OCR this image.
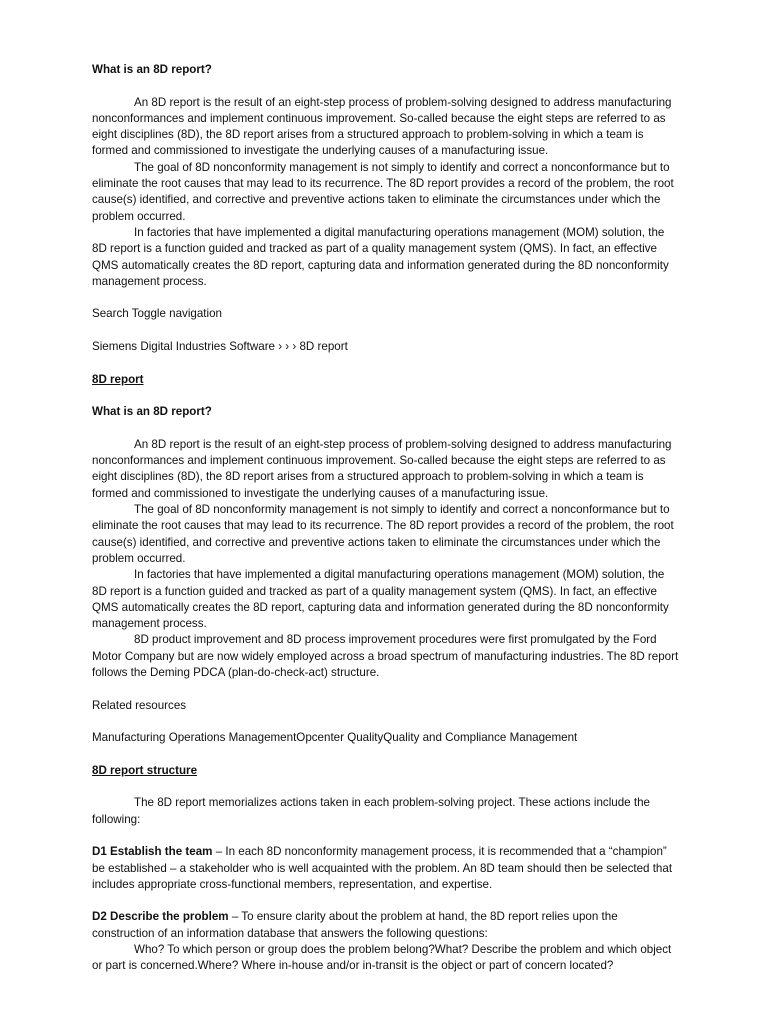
What is an 8D report?

An 8D report is the result of an eight-step process of problem-solving designed to address manufacturing nonconformances and implement continuous improvement. So-called because the eight steps are referred to as eight disciplines (8D), the 8D report arises from a structured approach to problem-solving in which a team is formed and commissioned to investigate the underlying causes of a manufacturing issue.

The goal of 8D nonconformity management is not simply to identify and correct a nonconformance but to eliminate the root causes that may lead to its recurrence. The 8D report provides a record of the problem, the root cause(s) identified, and corrective and preventive actions taken to eliminate the circumstances under which the problem occurred.

In factories that have implemented a digital manufacturing operations management (MOM) solution, the 8D report is a function guided and tracked as part of a quality management system (QMS). In fact, an effective QMS automatically creates the 8D report, capturing data and information generated during the 8D nonconformity management process.

Search Toggle navigation

Siemens Digital Industries Software › › › 8D report

8D report

What is an 8D report?

An 8D report is the result of an eight-step process of problem-solving designed to address manufacturing nonconformances and implement continuous improvement. So-called because the eight steps are referred to as eight disciplines (8D), the 8D report arises from a structured approach to problem-solving in which a team is formed and commissioned to investigate the underlying causes of a manufacturing issue.

The goal of 8D nonconformity management is not simply to identify and correct a nonconformance but to eliminate the root causes that may lead to its recurrence. The 8D report provides a record of the problem, the root cause(s) identified, and corrective and preventive actions taken to eliminate the circumstances under which the problem occurred.

In factories that have implemented a digital manufacturing operations management (MOM) solution, the 8D report is a function guided and tracked as part of a quality management system (QMS). In fact, an effective QMS automatically creates the 8D report, capturing data and information generated during the 8D nonconformity management process.

8D product improvement and 8D process improvement procedures were first promulgated by the Ford Motor Company but are now widely employed across a broad spectrum of manufacturing industries. The 8D report follows the Deming PDCA (plan-do-check-act) structure.

Related resources

Manufacturing Operations ManagementOpcenter QualityQuality and Compliance Management

8D report structure

The 8D report memorializes actions taken in each problem-solving project. These actions include the following:

D1 Establish the team – In each 8D nonconformity management process, it is recommended that a “champion” be established – a stakeholder who is well acquainted with the problem. An 8D team should then be selected that includes appropriate cross-functional members, representation, and expertise.

D2 Describe the problem – To ensure clarity about the problem at hand, the 8D report relies upon the construction of an information database that answers the following questions:

Who? To which person or group does the problem belong?What? Describe the problem and which object or part is concerned.Where? Where in-house and/or in-transit is the object or part of concern located?
